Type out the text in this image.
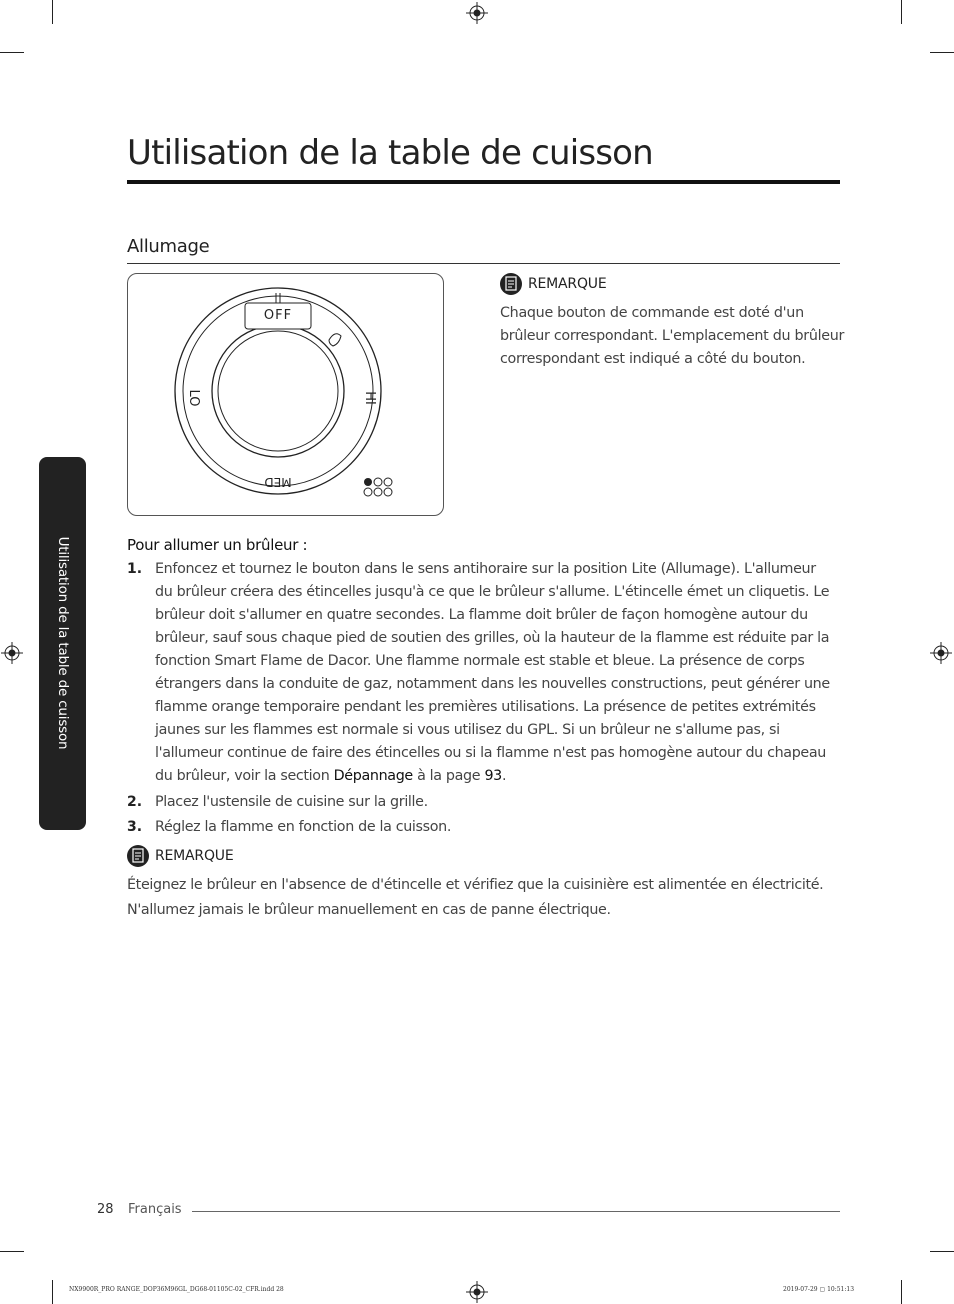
Utilisation de la table de cuisson
Allumage
OFF
LO	HI
MED
REMARQUE
Chaque bouton de commande est doté d'un brûleur correspondant. L'emplacement du brûleur correspondant est indiqué a côté du bouton.
Pour allumer un brûleur :
1. Enfoncez et tournez le bouton dans le sens antihoraire sur la position Lite (Allumage). L'allumeur du brûleur créera des étincelles jusqu'à ce que le brûleur s'allume. L'étincelle émet un cliquetis. Le brûleur doit s'allumer en quatre secondes. La flamme doit brûler de façon homogène autour du brûleur, sauf sous chaque pied de soutien des grilles, où la hauteur de la flamme est réduite par la fonction Smart Flame de Dacor. Une flamme normale est stable et bleue. La présence de corps étrangers dans la conduite de gaz, notamment dans les nouvelles constructions, peut générer une flamme orange temporaire pendant les premières utilisations. La présence de petites extrémités jaunes sur les flammes est normale si vous utilisez du GPL. Si un brûleur ne s'allume pas, si l'allumeur continue de faire des étincelles ou si la flamme n'est pas homogène autour du chapeau du brûleur, voir la section Dépannage à la page 93.
2. Placez l'ustensile de cuisine sur la grille.
3. Réglez la flamme en fonction de la cuisson.
REMARQUE
Éteignez le brûleur en l'absence de d'étincelle et vérifiez que la cuisinière est alimentée en électricité.
N'allumez jamais le brûleur manuellement en cas de panne électrique.
Utilisation de la table de cuisson
28 Français
NX9900R_PRO RANGE_DOP36M96GL_DG68-01105C-02_CFR.indd 28	2019-07-29 ▢ 10:51:13
